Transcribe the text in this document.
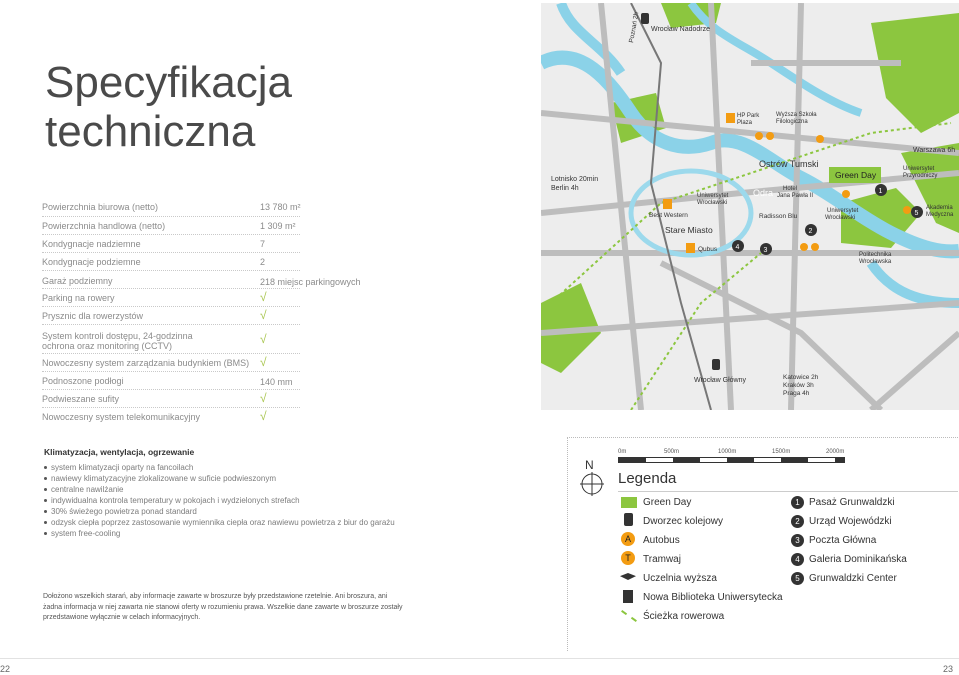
Specyfikacja
techniczna
Powierzchnia biurowa (netto)	13 780 m²
Powierzchnia handlowa (netto)	1 309 m²
Kondygnacje nadziemne	7
Kondygnacje podziemne	2
Garaż podziemny	218 miejsc parkingowych
Parking na rowery	√
Prysznic dla rowerzystów	√
System kontroli dostępu, 24-godzinna ochrona oraz monitoring (CCTV)	√
Nowoczesny system zarządzania budynkiem (BMS) √
Podnoszone podłogi	140 mm
Podwieszane sufity	√
Nowoczesny system telekomunikacyjny	√
Klimatyzacja, wentylacja, ogrzewanie
system klimatyzacji oparty na fancoilach
nawiewy klimatyzacyjne zlokalizowane w suficie podwieszonym
centralne nawilżanie
indywidualna kontrola temperatury w pokojach i wydzielonych strefach
30% świeżego powietrza ponad standard
odzysk ciepła poprzez zastosowanie wymiennika ciepła oraz nawiewu powietrza z biur do garażu
system free-cooling
Dołożono wszelkich starań, aby informacje zawarte w broszurze były przedstawione rzetelnie. Ani broszura, ani żadna informacja w niej zawarta nie stanowi oferty w rozumieniu prawa. Wszelkie dane zawarte w broszurze zostały przedstawione wyłącznie w celach informacyjnych.
22	23
Wrocław Nadodrze
Poznań 2h
Lotnisko 20min
Berlin 4h
HP Park
Plaza
Wyższa Szkoła
Filologiczna
Ostrów Tumski
Green Day
Warszawa 6h
Uniwersytet
Przyrodniczy
Uniwersytet
Wrocławski
Best Western
Stare Miasto
Odra Hotel
Jana Pawła II
Radisson Blu
Uniwersytet
Wrocławski
Akademia
Medyczna
Qubus
Politechnika
Wrocławska
1
2
3
4
5
Wrocław Główny	Katowice 2h
Kraków 3h
Praga 4h
N
0m	500m	1000m	1500m	2000m
Legenda
Green Day
Dworzec kolejowy
A	Autobus
T	Tramwaj
Uczelnia wyższa
Nowa Biblioteka Uniwersytecka
Ścieżka rowerowa
1 Pasaż Grunwaldzki
2 Urząd Wojewódzki
3 Poczta Główna
4 Galeria Dominikańska
5 Grunwaldzki Center
